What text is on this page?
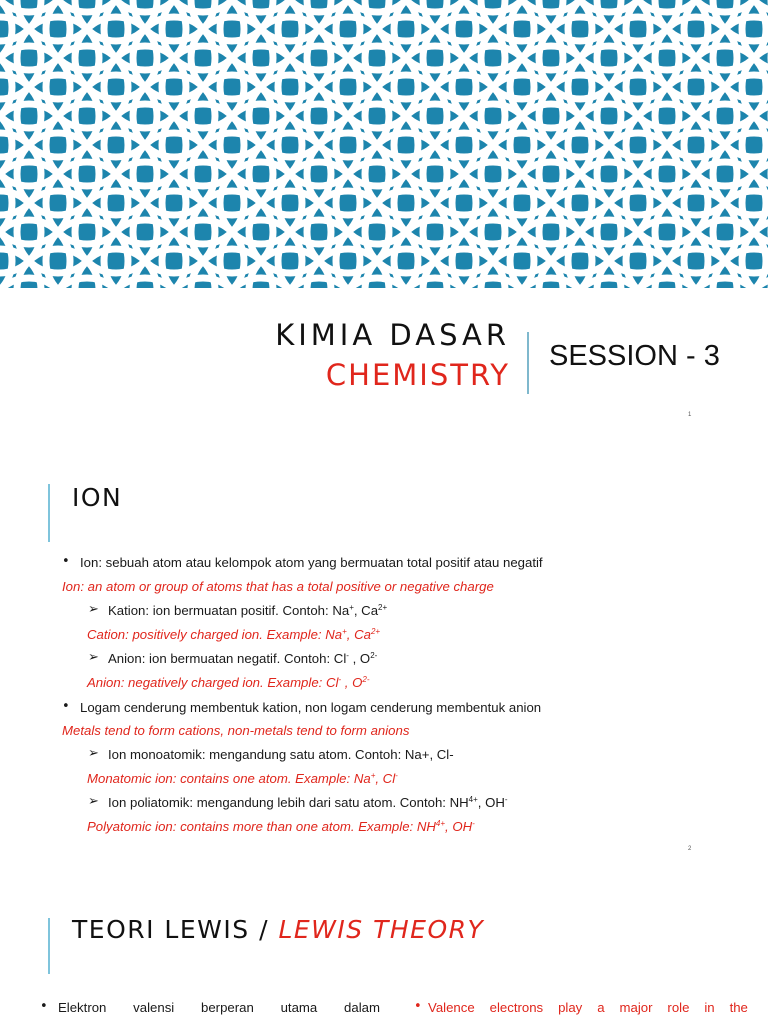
KIMIA DASAR
CHEMISTRY
SESSION - 3
1
ION
• Ion: sebuah atom atau kelompok atom yang bermuatan total positif atau negatif
Ion: an atom or group of atoms that has a total positive or negative charge
➢ Kation: ion bermuatan positif. Contoh: Na+, $Ca^{2+}$
Cation: positively charged ion. Example: Na+, $Ca^{2+}$
➢ Anion: ion bermuatan negatif. Contoh: Cl- , $O^{2-}$
Anion: negatively charged ion. Example: Cl- , $O^{2-}$
• Logam cenderung membentuk kation, non logam cenderung membentuk anion
Metals tend to form cations, non-metals tend to form anions
➢ Ion monoatomik: mengandung satu atom. Contoh: Na+, Cl-
Monatomic ion: contains one atom. Example: Na+, Cl-
➢ Ion poliatomik: mengandung lebih dari satu atom. Contoh: $NH^{4+}$, OH-
Polyatomic ion: contains more than one atom. Example: $NH^{4+}$, OH-
2
TEORI LEWIS / LEWIS THEORY
• Elektron valensi berperan utama dalam	• Valence electrons play a major role in the
